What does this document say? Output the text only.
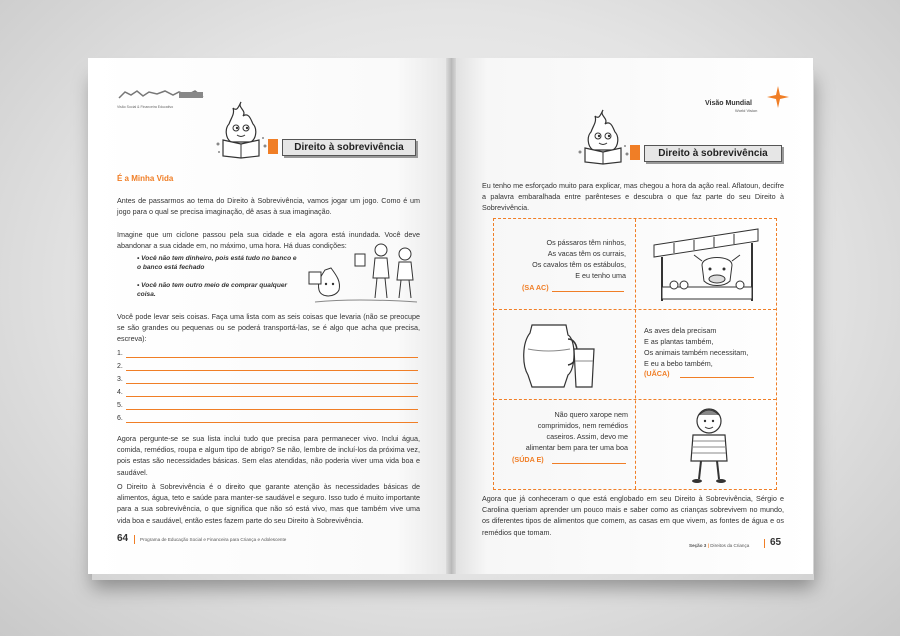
Visão Social & Financeira Educativo
Direito à sobrevivência
É a Minha Vida
Antes de passarmos ao tema do Direito à Sobrevivência, vamos jogar um jogo. Como é um jogo para o qual se precisa imaginação, dê asas à sua imaginação.
Imagine que um ciclone passou pela sua cidade e ela agora está inundada. Você deve abandonar a sua cidade em, no máximo, uma hora. Há duas condições:
• Você não tem dinheiro, pois está tudo no banco e o banco está fechado
• Você não tem outro meio de comprar qualquer coisa.
Você pode levar seis coisas. Faça uma lista com as seis coisas que levaria (não se preocupe se são grandes ou pequenas ou se poderá transportá-las, se é algo que acha que precisa, escreva):
1.
2.
3.
4.
5.
6.
Agora pergunte-se se sua lista inclui tudo que precisa para permanecer vivo. Inclui água, comida, remédios, roupa e algum tipo de abrigo? Se não, lembre de incluí-los da próxima vez, pois estas são necessidades básicas. Sem elas atendidas, não poderia viver uma vida boa e saudável.
O Direito à Sobrevivência é o direito que garante atenção às necessidades básicas de alimentos, água, teto e saúde para manter-se saudável e seguro. Isso tudo é muito importante para a sua sobrevivência, o que significa que não só está vivo, mas que também vive uma vida boa e saudável, então estes fazem parte do seu Direito à Sobrevivência.
64	Programa de Educação Social e Financeira para Criança e Adolescente
Visão Mundial
World Vision
Direito à sobrevivência
Eu tenho me esforçado muito para explicar, mas chegou a hora da ação real. Aflatoun, decifre a palavra embaralhada entre parênteses e descubra o que faz parte do seu Direito à Sobrevivência.
Os pássaros têm ninhos,
As vacas têm os currais,
Os cavalos têm os estábulos,
E eu tenho uma
(SA AC)
As aves dela precisam
E as plantas também,
Os animais também necessitam,
E eu a bebo também,
(UÃCA)
Não quero xarope nem
comprimidos, nem remédios
caseiros. Assim, devo me
alimentar bem para ter uma boa
(SÚDA E)
Agora que já conheceram o que está englobado em seu Direito à Sobrevivência, Sérgio e Carolina queriam aprender um pouco mais e saber como as crianças sobrevivem no mundo, os diferentes tipos de alimentos que comem, as casas em que vivem, as fontes de água e os remédios que tomam.
Seção 3 | Direitos da Criança 65
